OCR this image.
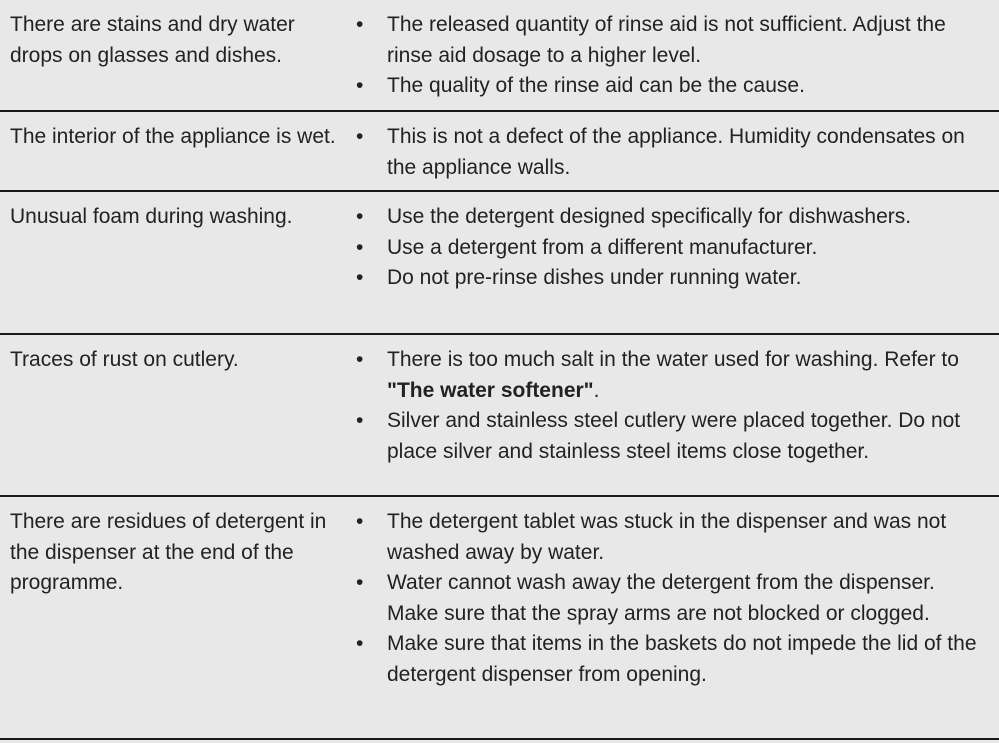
There are stains and dry water drops on glasses and dishes.
•	The released quantity of rinse aid is not sufficient. Adjust the rinse aid dosage to a higher level.
•	The quality of the rinse aid can be the cause.
The interior of the appliance is wet. •	This is not a defect of the appliance. Humidity condensates on the appliance walls.
Unusual foam during washing.	•	Use the detergent designed specifically for dishwashers.
•	Use a detergent from a different manufacturer.
•	Do not pre-rinse dishes under running water.
Traces of rust on cutlery.	•	There is too much salt in the water used for washing. Refer to "The water softener".
•	Silver and stainless steel cutlery were placed together. Do not place silver and stainless steel items close together.
There are residues of detergent in the dispenser at the end of the programme.
•	The detergent tablet was stuck in the dispenser and was not washed away by water.
•	Water cannot wash away the detergent from the dispenser. Make sure that the spray arms are not blocked or clogged.
•	Make sure that items in the baskets do not impede the lid of the detergent dispenser from opening.
